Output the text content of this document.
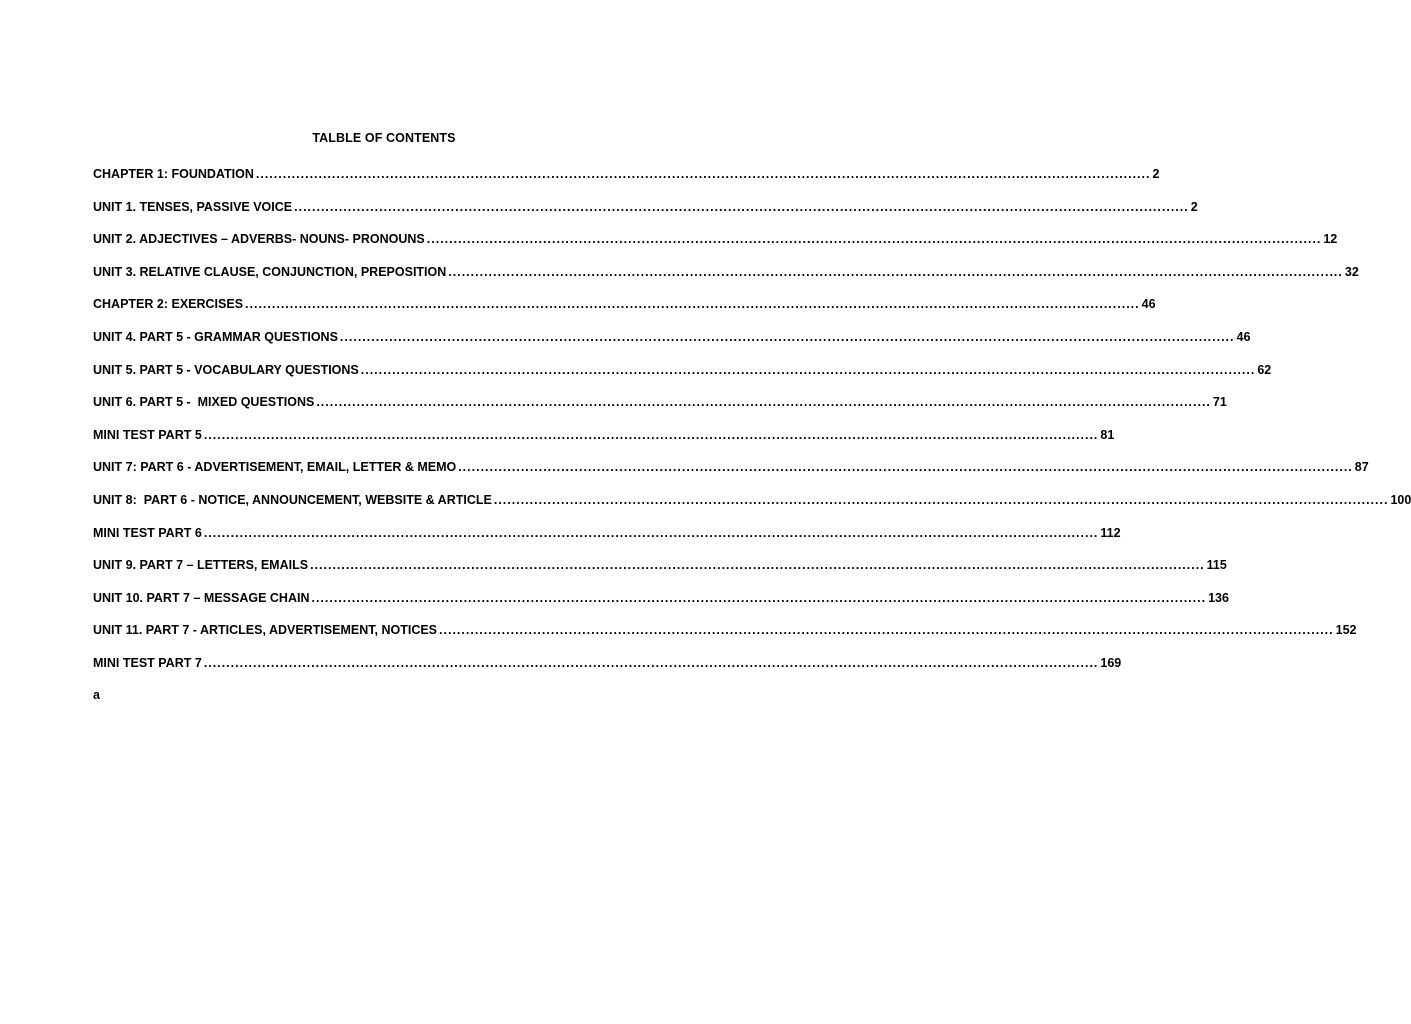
TALBLE OF CONTENTS
CHAPTER 1: FOUNDATION ........................................................................................................................................................................................................ 2
UNIT 1. TENSES, PASSIVE VOICE ........................................................................................................................................................................................................ 2
UNIT 2. ADJECTIVES – ADVERBS- NOUNS- PRONOUNS ........................................................................................................................................................................................................ 12
UNIT 3. RELATIVE CLAUSE, CONJUNCTION, PREPOSITION ........................................................................................................................................................................................................ 32
CHAPTER 2: EXERCISES ........................................................................................................................................................................................................ 46
UNIT 4. PART 5 - GRAMMAR QUESTIONS ........................................................................................................................................................................................................ 46
UNIT 5. PART 5 - VOCABULARY QUESTIONS ........................................................................................................................................................................................................ 62
UNIT 6. PART 5 -  MIXED QUESTIONS ........................................................................................................................................................................................................ 71
MINI TEST PART 5 ........................................................................................................................................................................................................ 81
UNIT 7: PART 6 - ADVERTISEMENT, EMAIL, LETTER & MEMO ........................................................................................................................................................................................................ 87
UNIT 8:  PART 6 - NOTICE, ANNOUNCEMENT, WEBSITE & ARTICLE ........................................................................................................................................................................................................ 100
MINI TEST PART 6 ........................................................................................................................................................................................................ 112
UNIT 9. PART 7 – LETTERS, EMAILS ........................................................................................................................................................................................................ 115
UNIT 10. PART 7 – MESSAGE CHAIN ........................................................................................................................................................................................................ 136
UNIT 11. PART 7 - ARTICLES, ADVERTISEMENT, NOTICES ........................................................................................................................................................................................................ 152
MINI TEST PART 7 ........................................................................................................................................................................................................ 169
a
